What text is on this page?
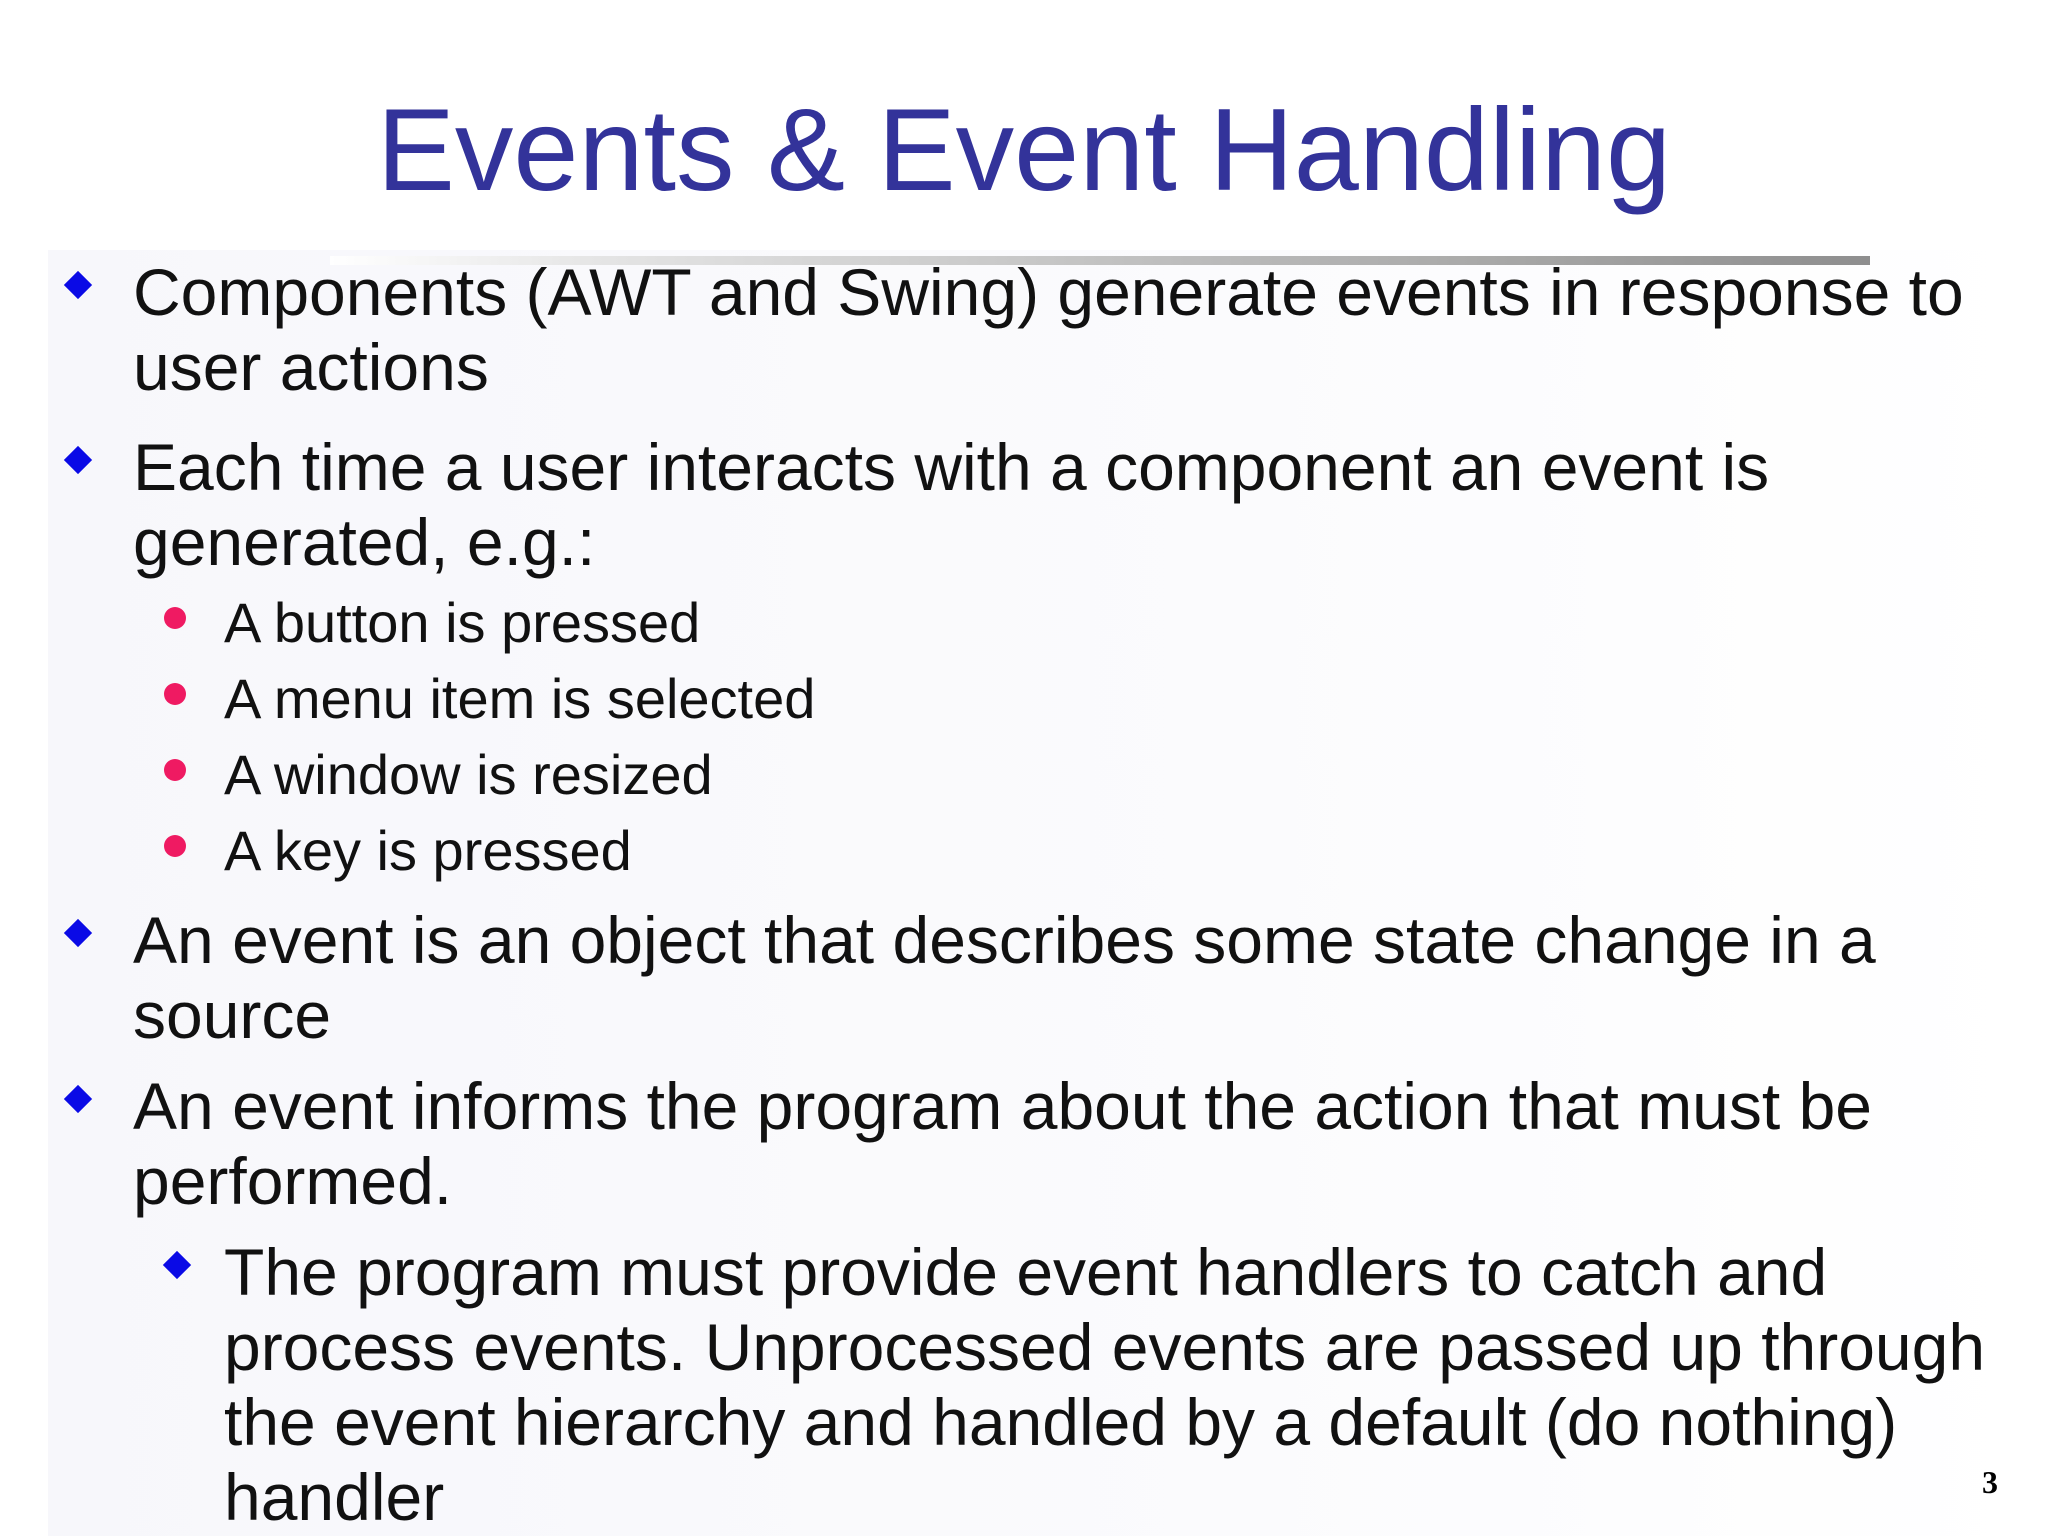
Events & Event Handling
Components (AWT and Swing) generate events in response to user actions
Each time a user interacts with a component an event is generated, e.g.:
A button is pressed
A menu item is selected
A window is resized
A key is pressed
An event is an object that describes some state change in a source
An event informs the program about the action that must be performed.
The program must provide event handlers to catch and process events. Unprocessed events are passed up through the event hierarchy and handled by a default (do nothing) handler	3
